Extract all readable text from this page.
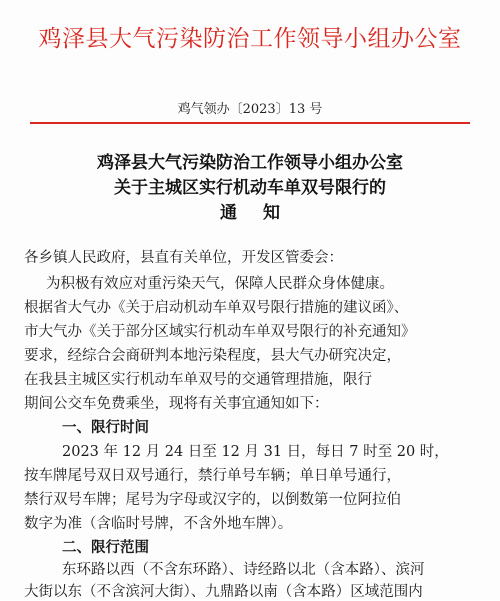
鸡泽县大气污染防治工作领导小组办公室
鸡气领办〔2023〕13 号
鸡泽县大气污染防治工作领导小组办公室
关于主城区实行机动车单双号限行的
通知
各乡镇人民政府，县直有关单位，开发区管委会：
为积极有效应对重污染天气，保障人民群众身体健康。
根据省大气办《关于启动机动车单双号限行措施的建议函》、
市大气办《关于部分区域实行机动车单双号限行的补充通知》
要求，经综合会商研判本地污染程度，县大气办研究决定，
在我县主城区实行机动车单双号的交通管理措施，限行
期间公交车免费乘坐，现将有关事宜通知如下：
一、限行时间
2023 年 12 月 24 日至 12 月 31 日，每日 7 时至 20 时，
按车牌尾号双日双号通行，禁行单号车辆；单日单号通行，
禁行双号车牌；尾号为字母或汉字的，以倒数第一位阿拉伯
数字为准（含临时号牌，不含外地车牌）。
二、限行范围
东环路以西（不含东环路）、诗经路以北（含本路）、滨河
大街以东（不含滨河大街）、九鼎路以南（含本路）区域范围内
